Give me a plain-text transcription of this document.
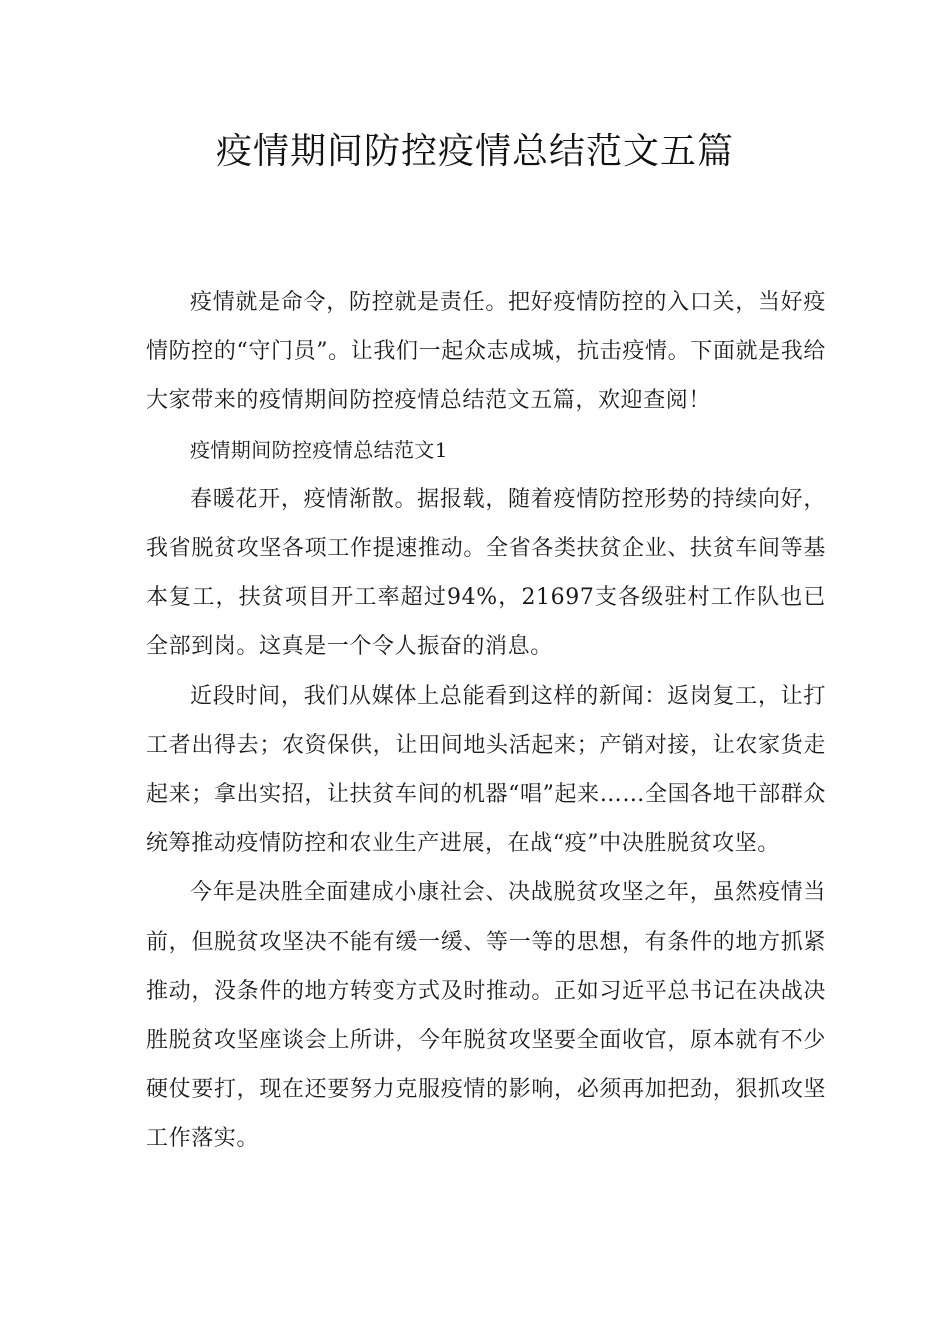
疫情期间防控疫情总结范文五篇

疫情就是命令，防控就是责任。把好疫情防控的入口关，当好疫情防控的“守门员”。让我们一起众志成城，抗击疫情。下面就是我给大家带来的疫情期间防控疫情总结范文五篇，欢迎查阅！

疫情期间防控疫情总结范文1

春暖花开，疫情渐散。据报载，随着疫情防控形势的持续向好，我省脱贫攻坚各项工作提速推动。全省各类扶贫企业、扶贫车间等基本复工，扶贫项目开工率超过94%，21697支各级驻村工作队也已全部到岗。这真是一个令人振奋的消息。

近段时间，我们从媒体上总能看到这样的新闻：返岗复工，让打工者出得去；农资保供，让田间地头活起来；产销对接，让农家货走起来；拿出实招，让扶贫车间的机器“唱”起来……全国各地干部群众统筹推动疫情防控和农业生产进展，在战“疫”中决胜脱贫攻坚。

今年是决胜全面建成小康社会、决战脱贫攻坚之年，虽然疫情当前，但脱贫攻坚决不能有缓一缓、等一等的思想，有条件的地方抓紧推动，没条件的地方转变方式及时推动。正如习近平总书记在决战决胜脱贫攻坚座谈会上所讲，今年脱贫攻坚要全面收官，原本就有不少硬仗要打，现在还要努力克服疫情的影响，必须再加把劲，狠抓攻坚工作落实。
